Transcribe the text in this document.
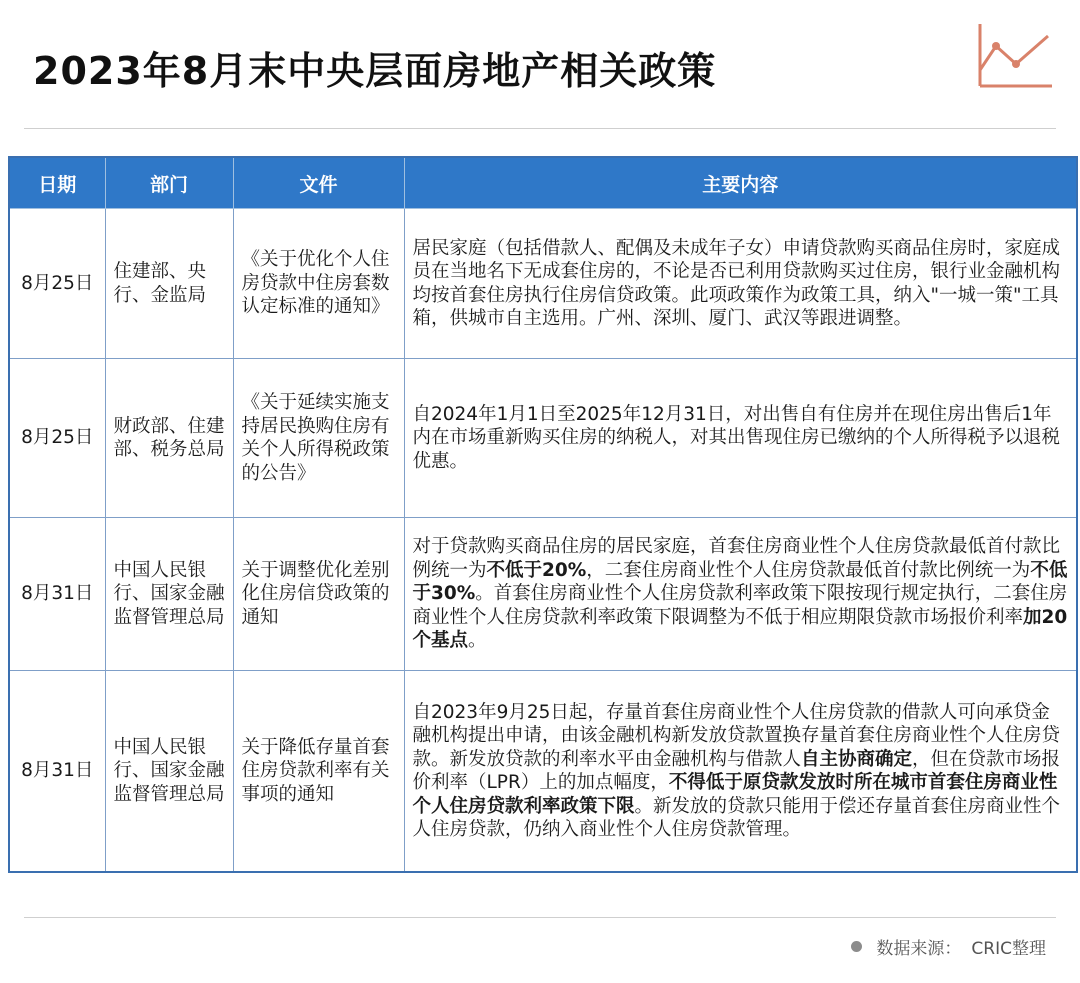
2023年8月末中央层面房地产相关政策
日期	部门	文件	主要内容
8月25日	住建部、央行、金监局	《关于优化个人住房贷款中住房套数认定标准的通知》	居民家庭（包括借款人、配偶及未成年子女）申请贷款购买商品住房时，家庭成员在当地名下无成套住房的，不论是否已利用贷款购买过住房，银行业金融机构均按首套住房执行住房信贷政策。此项政策作为政策工具，纳入"一城一策"工具箱，供城市自主选用。广州、深圳、厦门、武汉等跟进调整。
8月25日	财政部、住建部、税务总局	《关于延续实施支持居民换购住房有关个人所得税政策的公告》	自2024年1月1日至2025年12月31日，对出售自有住房并在现住房出售后1年内在市场重新购买住房的纳税人，对其出售现住房已缴纳的个人所得税予以退税优惠。
8月31日	中国人民银行、国家金融监督管理总局	关于调整优化差别化住房信贷政策的通知	对于贷款购买商品住房的居民家庭，首套住房商业性个人住房贷款最低首付款比例统一为不低于20%，二套住房商业性个人住房贷款最低首付款比例统一为不低于30%。首套住房商业性个人住房贷款利率政策下限按现行规定执行，二套住房商业性个人住房贷款利率政策下限调整为不低于相应期限贷款市场报价利率加20个基点。
8月31日	中国人民银行、国家金融监督管理总局	关于降低存量首套住房贷款利率有关事项的通知	自2023年9月25日起，存量首套住房商业性个人住房贷款的借款人可向承贷金融机构提出申请，由该金融机构新发放贷款置换存量首套住房商业性个人住房贷款。新发放贷款的利率水平由金融机构与借款人自主协商确定，但在贷款市场报价利率（LPR）上的加点幅度，不得低于原贷款发放时所在城市首套住房商业性个人住房贷款利率政策下限。新发放的贷款只能用于偿还存量首套住房商业性个人住房贷款，仍纳入商业性个人住房贷款管理。
数据来源： CRIC整理
